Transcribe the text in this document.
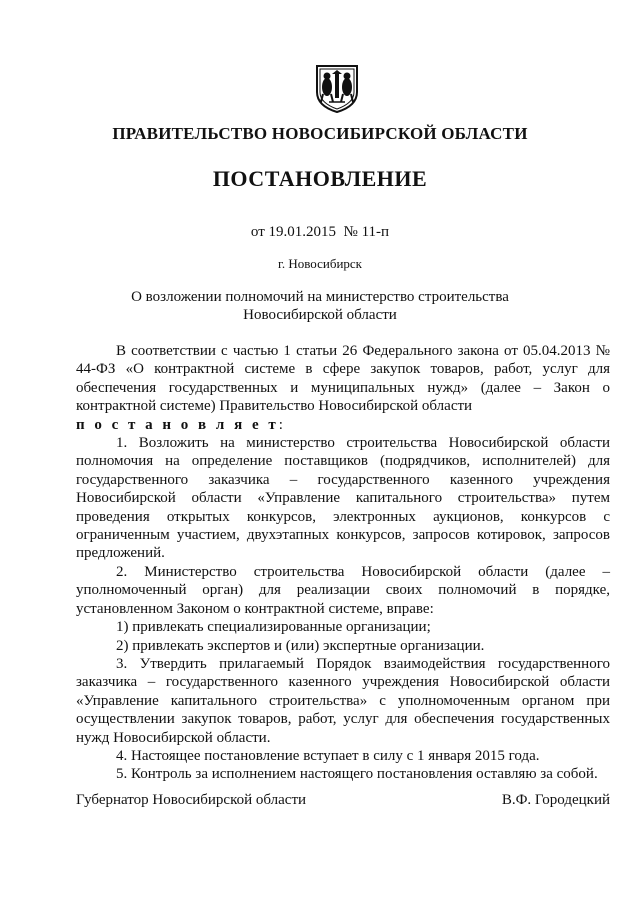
ПРАВИТЕЛЬСТВО НОВОСИБИРСКОЙ ОБЛАСТИ
ПОСТАНОВЛЕНИЕ
от 19.01.2015  № 11-п
г. Новосибирск
О возложении полномочий на министерство строительства
Новосибирской области

В соответствии с частью 1 статьи 26 Федерального закона от 05.04.2013 № 44-ФЗ «О контрактной системе в сфере закупок товаров, работ, услуг для обеспечения государственных и муниципальных нужд» (далее – Закон о контрактной системе) Правительство Новосибирской области

п о с т а н о в л я е т:

1. Возложить на министерство строительства Новосибирской области полномочия на определение поставщиков (подрядчиков, исполнителей) для государственного заказчика – государственного казенного учреждения Новосибирской области «Управление капитального строительства» путем проведения открытых конкурсов, электронных аукционов, конкурсов с ограниченным участием, двухэтапных конкурсов, запросов котировок, запросов предложений.

2. Министерство строительства Новосибирской области (далее – уполномоченный орган) для реализации своих полномочий в порядке, установленном Законом о контрактной системе, вправе:

1) привлекать специализированные организации;

2) привлекать экспертов и (или) экспертные организации.

3. Утвердить прилагаемый Порядок взаимодействия государственного заказчика – государственного казенного учреждения Новосибирской области «Управление капитального строительства» с уполномоченным органом при осуществлении закупок товаров, работ, услуг для обеспечения государственных нужд Новосибирской области.

4. Настоящее постановление вступает в силу с 1 января 2015 года.

5. Контроль за исполнением настоящего постановления оставляю за собой.

Губернатор Новосибирской области	В.Ф. Городецкий
